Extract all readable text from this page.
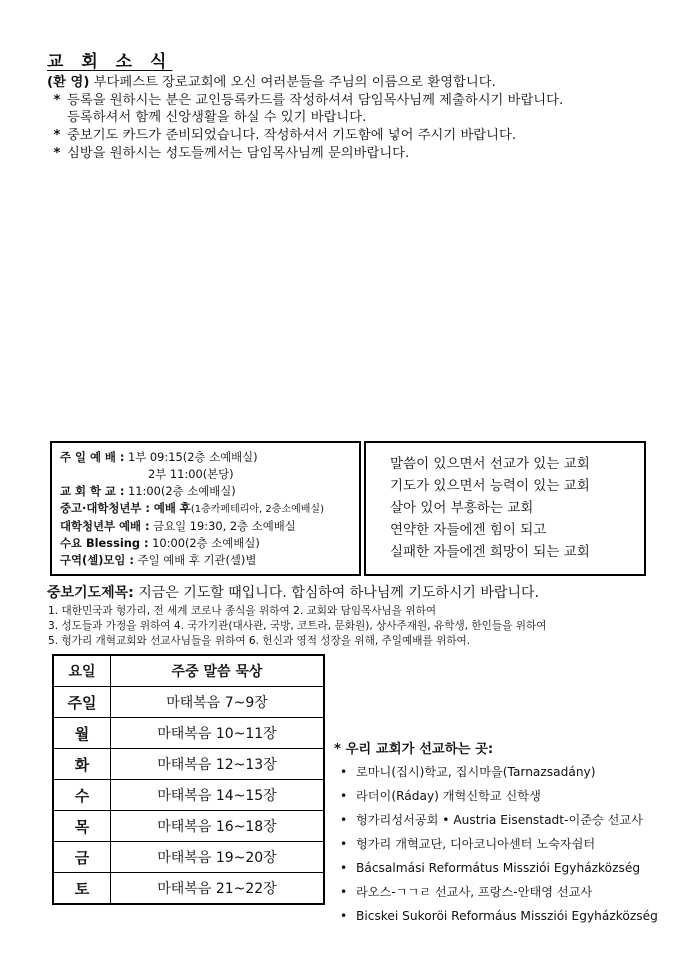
교 회 소 식
(환 영) 부다페스트 장로교회에 오신 여러분들을 주님의 이름으로 환영합니다.
* 등록을 원하시는 분은 교인등록카드를 작성하셔셔 담임목사님께 제출하시기 바랍니다.
등록하셔서 함께 신앙생활을 하실 수 있기 바랍니다.
* 중보기도 카드가 준비되었습니다. 작성하셔서 기도함에 넣어 주시기 바랍니다.
* 심방을 원하시는 성도들께서는 담임목사님께 문의바랍니다.
주 일 예 배 : 1부 09:15(2층 소예배실)
2부 11:00(본당)
교 회 학 교 : 11:00(2층 소예배실)
중고·대학청년부 : 예배 후(1층카페테리아, 2층소예배실)
대학청년부 예배 : 금요일 19:30, 2층 소예배실
수요 Blessing : 10:00(2층 소예배실)
구역(셀)모임 : 주일 예배 후 기관(셀)별
말씀이 있으면서 선교가 있는 교회
기도가 있으면서 능력이 있는 교회
살아 있어 부흥하는 교회
연약한 자들에겐 힘이 되고
실패한 자들에겐 희망이 되는 교회
중보기도제목: 지금은 기도할 때입니다. 합심하여 하나님께 기도하시기 바랍니다.
1. 대한민국과 헝가리, 전 세계 코로나 종식을 위하여 2. 교회와 담임목사님을 위하여
3. 성도들과 가정을 위하여 4. 국가기관(대사관, 국방, 코트라, 문화원), 상사주재원, 유학생, 한인들을 위하여
5. 헝가리 개혁교회와 선교사님들을 위하여 6. 헌신과 영적 성장을 위해, 주일예배를 위하여.
요일	주중 말씀 묵상
주일	마태복음 7~9장
월	마태복음 10~11장
화	마태복음 12~13장
수	마태복음 14~15장
목	마태복음 16~18장
금	마태복음 19~20장
토	마태복음 21~22장
* 우리 교회가 선교하는 곳:
• 로마니(집시)학교, 집시마을(Tarnazsadány)
• 라더이(Ráday) 개혁신학교 신학생
• 헝가리성서공회 • Austria Eisenstadt-이준승 선교사
• 헝가리 개혁교단, 디아코니아센터 노숙자쉼터
• Bácsalmási Református Missziói Egyházközség
• 라오스-ㄱㄱㄹ 선교사, 프랑스-안태영 선교사
• Bicskei Sukoröi Reformáus Missziói Egyházközség
